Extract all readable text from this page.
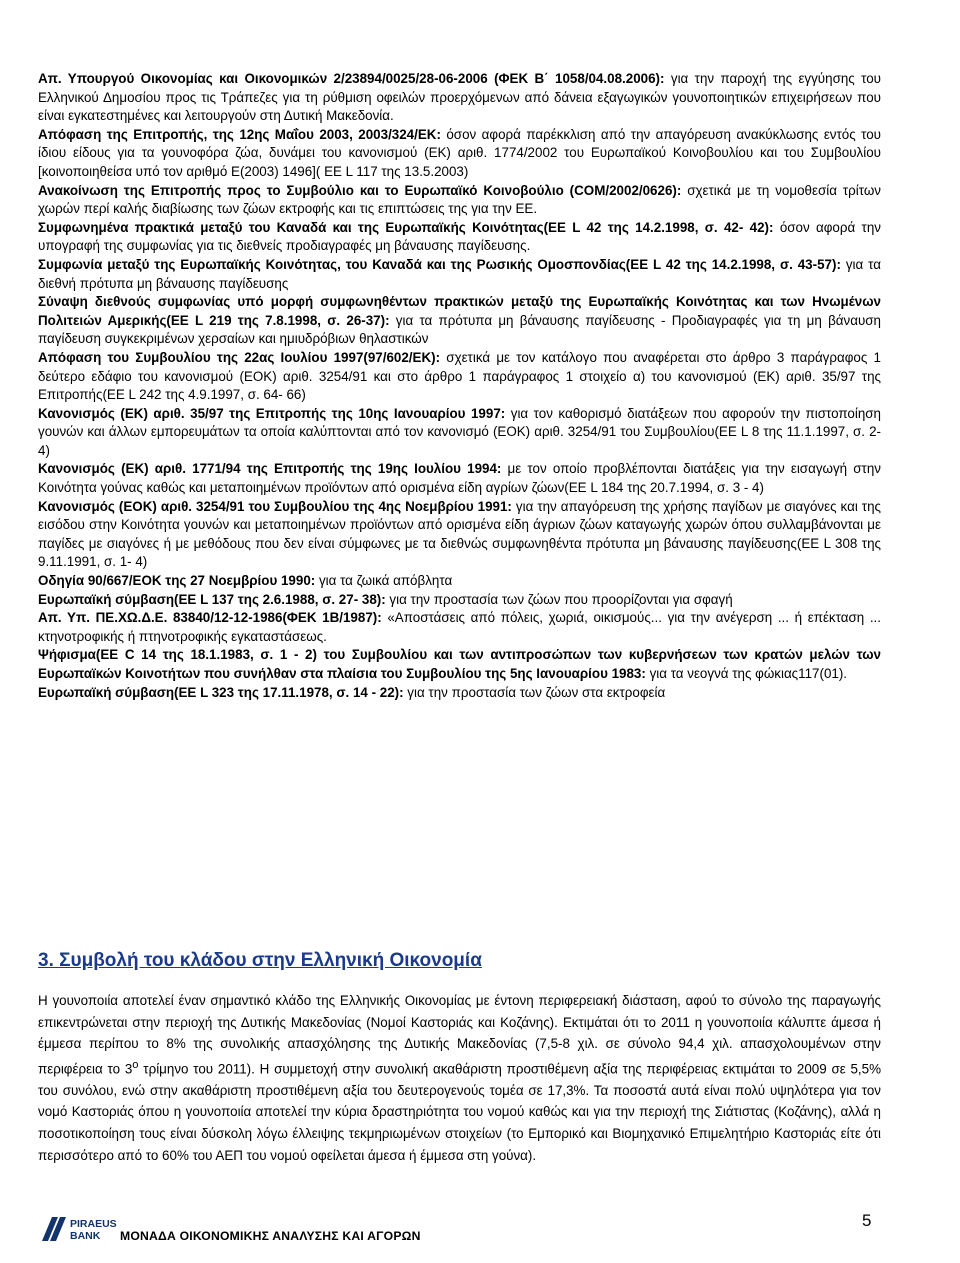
Απ. Υπουργού Οικονομίας και Οικονομικών 2/23894/0025/28-06-2006 (ΦΕΚ Β΄ 1058/04.08.2006): για την παροχή της εγγύησης του Ελληνικού Δημοσίου προς τις Τράπεζες για τη ρύθμιση οφειλών προερχόμενων από δάνεια εξαγωγικών γουνοποιητικών επιχειρήσεων που είναι εγκατεστημένες και λειτουργούν στη Δυτική Μακεδονία.
Απόφαση της Επιτροπής, της 12ης Μαΐου 2003, 2003/324/ΕΚ: όσον αφορά παρέκκλιση από την απαγόρευση ανακύκλωσης εντός του ίδιου είδους για τα γουνοφόρα ζώα, δυνάμει του κανονισμού (ΕΚ) αριθ. 1774/2002 του Ευρωπαϊκού Κοινοβουλίου και του Συμβουλίου [κοινοποιηθείσα υπό τον αριθμό Ε(2003) 1496]( ΕΕ L 117 της 13.5.2003)
Ανακοίνωση της Επιτροπής προς το Συμβούλιο και το Ευρωπαϊκό Κοινοβούλιο (COM/2002/0626): σχετικά με τη νομοθεσία τρίτων χωρών περί καλής διαβίωσης των ζώων εκτροφής και τις επιπτώσεις της για την ΕΕ.
Συμφωνημένα πρακτικά μεταξύ του Καναδά και της Ευρωπαϊκής Κοινότητας(ΕΕ L 42 της 14.2.1998, σ. 42- 42): όσον αφορά την υπογραφή της συμφωνίας για τις διεθνείς προδιαγραφές μη βάναυσης παγίδευσης.
Συμφωνία μεταξύ της Ευρωπαϊκής Κοινότητας, του Καναδά και της Ρωσικής Ομοσπονδίας(ΕΕ L 42 της 14.2.1998, σ. 43-57): για τα διεθνή πρότυπα μη βάναυσης παγίδευσης
Σύναψη διεθνούς συμφωνίας υπό μορφή συμφωνηθέντων πρακτικών μεταξύ της Ευρωπαϊκής Κοινότητας και των Ηνωμένων Πολιτειών Αμερικής(ΕΕ L 219 της 7.8.1998, σ. 26-37): για τα πρότυπα μη βάναυσης παγίδευσης - Προδιαγραφές για τη μη βάναυση παγίδευση συγκεκριμένων χερσαίων και ημιυδρόβιων θηλαστικών
Απόφαση του Συμβουλίου της 22ας Ιουλίου 1997(97/602/ΕΚ): σχετικά με τον κατάλογο που αναφέρεται στο άρθρο 3 παράγραφος 1 δεύτερο εδάφιο του κανονισμού (ΕΟΚ) αριθ. 3254/91 και στο άρθρο 1 παράγραφος 1 στοιχείο α) του κανονισμού (ΕΚ) αριθ. 35/97 της Επιτροπής(ΕΕ L 242 της 4.9.1997, σ. 64- 66)
Κανονισμός (ΕΚ) αριθ. 35/97 της Επιτροπής της 10ης Ιανουαρίου 1997: για τον καθορισμό διατάξεων που αφορούν την πιστοποίηση γουνών και άλλων εμπορευμάτων τα οποία καλύπτονται από τον κανονισμό (ΕΟΚ) αριθ. 3254/91 του Συμβουλίου(ΕΕ L 8 της 11.1.1997, σ. 2- 4)
Κανονισμός (ΕΚ) αριθ. 1771/94 της Επιτροπής της 19ης Ιουλίου 1994: με τον οποίο προβλέπονται διατάξεις για την εισαγωγή στην Κοινότητα γούνας καθώς και μεταποιημένων προϊόντων από ορισμένα είδη αγρίων ζώων(ΕΕ L 184 της 20.7.1994, σ. 3 - 4)
Κανονισμός (ΕΟΚ) αριθ. 3254/91 του Συμβουλίου της 4ης Νοεμβρίου 1991: για την απαγόρευση της χρήσης παγίδων με σιαγόνες και της εισόδου στην Κοινότητα γουνών και μεταποιημένων προϊόντων από ορισμένα είδη άγριων ζώων καταγωγής χωρών όπου συλλαμβάνονται με παγίδες με σιαγόνες ή με μεθόδους που δεν είναι σύμφωνες με τα διεθνώς συμφωνηθέντα πρότυπα μη βάναυσης παγίδευσης(ΕΕ L 308 της 9.11.1991, σ. 1- 4)
Οδηγία 90/667/ΕΟΚ της 27 Νοεμβρίου 1990: για τα ζωικά απόβλητα
Ευρωπαϊκή σύμβαση(ΕΕ L 137 της 2.6.1988, σ. 27- 38): για την προστασία των ζώων που προορίζονται για σφαγή
Απ. Υπ. ΠΕ.ΧΩ.Δ.Ε. 83840/12-12-1986(ΦΕΚ 1Β/1987): «Αποστάσεις από πόλεις, χωριά, οικισμούς... για την ανέγερση ... ή επέκταση ... κτηνοτροφικής ή πτηνοτροφικής εγκαταστάσεως.
Ψήφισμα(ΕΕ C 14 της 18.1.1983, σ. 1 - 2) του Συμβουλίου και των αντιπροσώπων των κυβερνήσεων των κρατών μελών των Ευρωπαϊκών Κοινοτήτων που συνήλθαν στα πλαίσια του Συμβουλίου της 5ης Ιανουαρίου 1983: για τα νεογνά της φώκιας117(01).
Ευρωπαϊκή σύμβαση(ΕΕ L 323 της 17.11.1978, σ. 14 - 22): για την προστασία των ζώων στα εκτροφεία
3. Συμβολή του κλάδου στην Ελληνική Οικονομία
Η γουνοποιία αποτελεί έναν σημαντικό κλάδο της Ελληνικής Οικονομίας με έντονη περιφερειακή διάσταση, αφού το σύνολο της παραγωγής επικεντρώνεται στην περιοχή της Δυτικής Μακεδονίας (Νομοί Καστοριάς και Κοζάνης). Εκτιμάται ότι το 2011 η γουνοποιία κάλυπτε άμεσα ή έμμεσα περίπου το 8% της συνολικής απασχόλησης της Δυτικής Μακεδονίας (7,5-8 χιλ. σε σύνολο 94,4 χιλ. απασχολουμένων στην περιφέρεια το $3^o$ τρίμηνο του 2011). Η συμμετοχή στην συνολική ακαθάριστη προστιθέμενη αξία της περιφέρειας εκτιμάται το 2009 σε 5,5% του συνόλου, ενώ στην ακαθάριστη προστιθέμενη αξία του δευτερογενούς τομέα σε 17,3%. Τα ποσοστά αυτά είναι πολύ υψηλότερα για τον νομό Καστοριάς όπου η γουνοποιία αποτελεί την κύρια δραστηριότητα του νομού καθώς και για την περιοχή της Σιάτιστας (Κοζάνης), αλλά η ποσοτικοποίηση τους είναι δύσκολη λόγω έλλειψης τεκμηριωμένων στοιχείων (το Εμπορικό και Βιομηχανικό Επιμελητήριο Καστοριάς είτε ότι περισσότερο από το 60% του ΑΕΠ του νομού οφείλεται άμεσα ή έμμεσα στη γούνα).
PIRAEUS
BANK ΜΟΝΑΔΑ ΟΙΚΟΝΟΜΙΚΗΣ ΑΝΑΛΥΣΗΣ ΚΑΙ ΑΓΟΡΩΝ
5
